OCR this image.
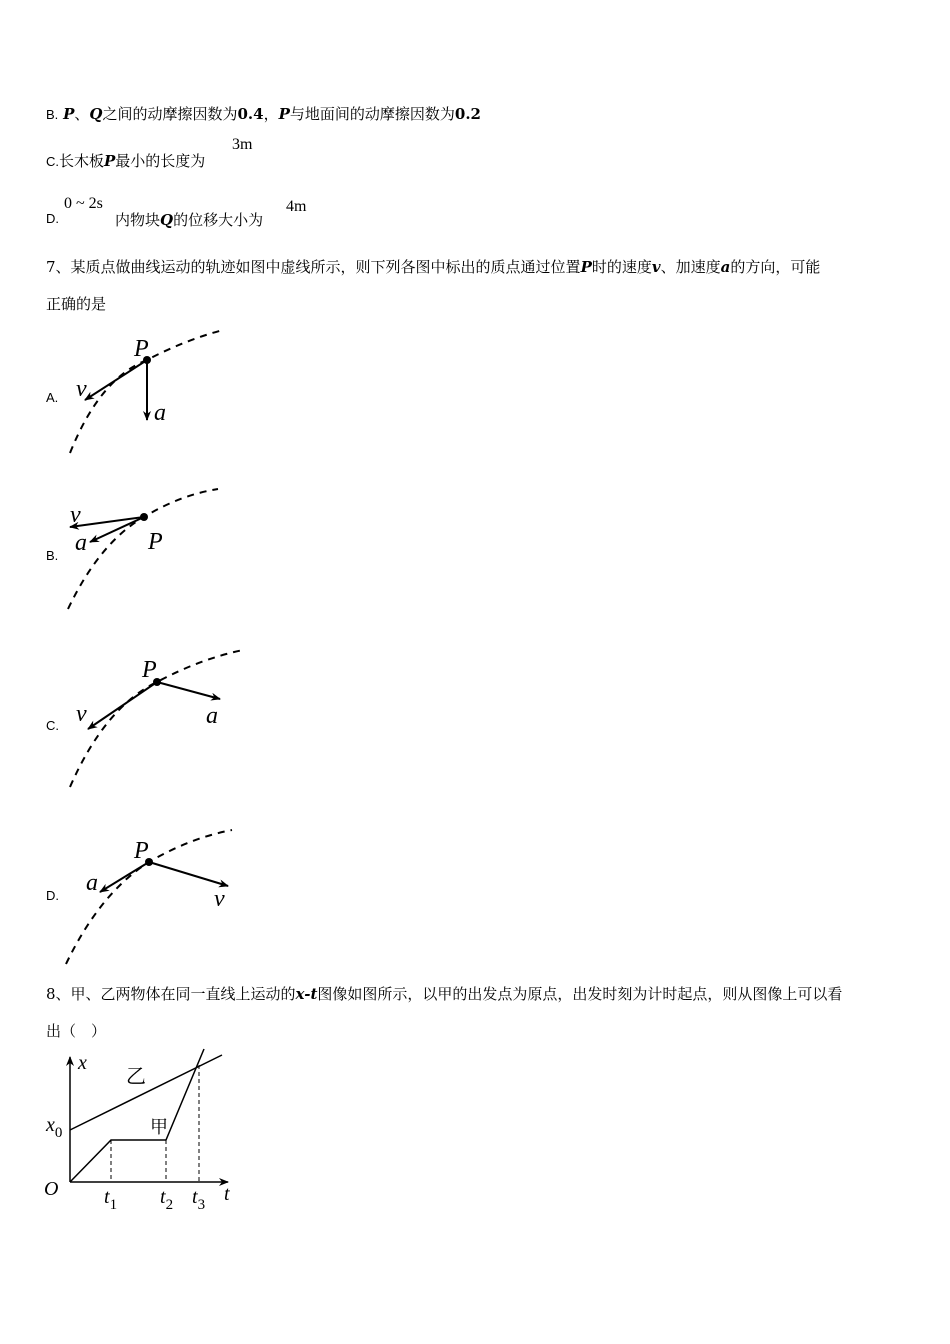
B. P、Q之间的动摩擦因数为0.4，P与地面间的动摩擦因数为0.2
C.长木板P最小的长度为
3m
D.
0 ~ 2s
内物块Q的位移大小为
4m
7、某质点做曲线运动的轨迹如图中虚线所示，则下列各图中标出的质点通过位置P时的速度v、加速度a的方向，可能
正确的是
A.
P
v
a
B.
v
a	P
C.
P
v	a
D.
P
a
v
8、甲、乙两物体在同一直线上运动的x-t图像如图所示，以甲的出发点为原点，出发时刻为计时起点，则从图像上可以看
出（　）
x
t
O
$x_0$
$t_1$ $t_2$ $t_3$
乙
甲
